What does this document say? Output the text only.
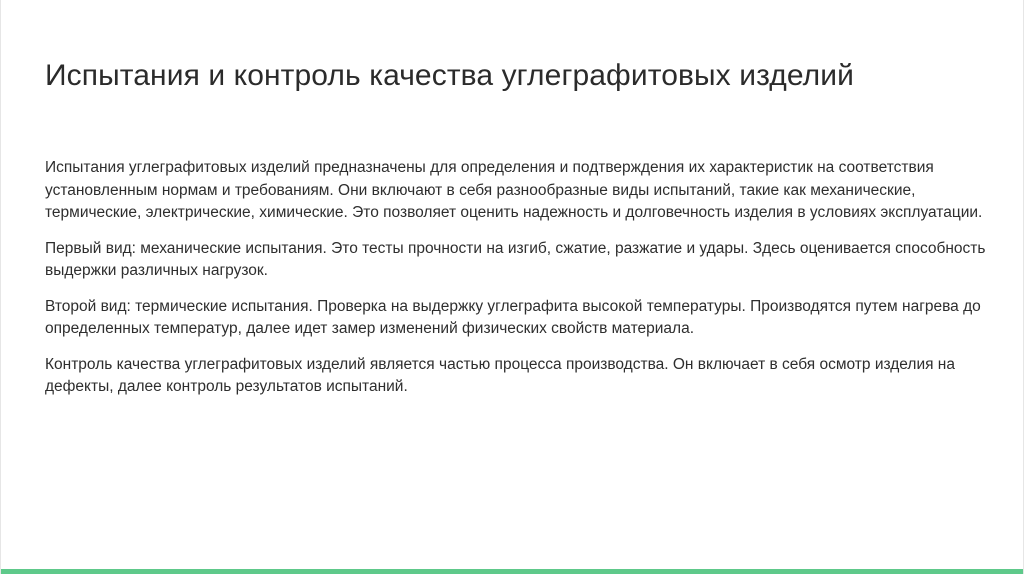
Испытания и контроль качества углеграфитовых изделий

Испытания углеграфитовых изделий предназначены для определения и подтверждения их характеристик на соответствия установленным нормам и требованиям. Они включают в себя разнообразные виды испытаний, такие как механические, термические, электрические, химические. Это позволяет оценить надежность и долговечность изделия в условиях эксплуатации.

Первый вид: механические испытания. Это тесты прочности на изгиб, сжатие, разжатие и удары. Здесь оценивается способность выдержки различных нагрузок.

Второй вид: термические испытания. Проверка на выдержку углеграфита высокой температуры. Производятся путем нагрева до определенных температур, далее идет замер изменений физических свойств материала.

Контроль качества углеграфитовых изделий является частью процесса производства. Он включает в себя осмотр изделия на дефекты, далее контроль результатов испытаний.
